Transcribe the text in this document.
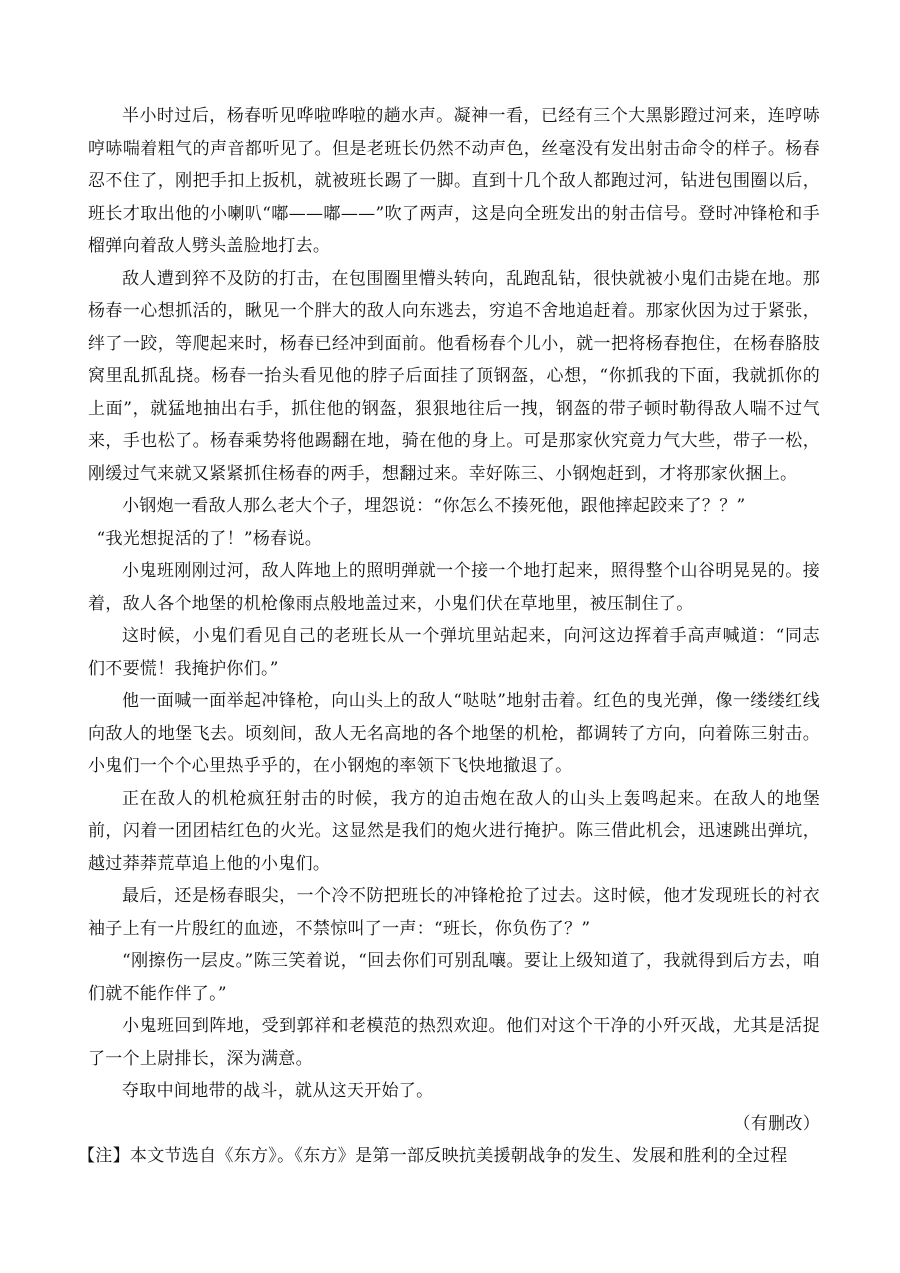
半小时过后，杨春听见哗啦哗啦的趟水声。凝神一看，已经有三个大黑影蹬过河来，连哼哧哼哧喘着粗气的声音都听见了。但是老班长仍然不动声色，丝毫没有发出射击命令的样子。杨春忍不住了，刚把手扣上扳机，就被班长踢了一脚。直到十几个敌人都跑过河，钻进包围圈以后，班长才取出他的小喇叭“嘟——嘟——”吹了两声，这是向全班发出的射击信号。登时冲锋枪和手榴弹向着敌人劈头盖脸地打去。

敌人遭到猝不及防的打击，在包围圈里懵头转向，乱跑乱钻，很快就被小鬼们击毙在地。那杨春一心想抓活的，瞅见一个胖大的敌人向东逃去，穷追不舍地追赶着。那家伙因为过于紧张，绊了一跤，等爬起来时，杨春已经冲到面前。他看杨春个儿小，就一把将杨春抱住，在杨春胳肢窝里乱抓乱挠。杨春一抬头看见他的脖子后面挂了顶钢盔，心想，“你抓我的下面，我就抓你的上面”，就猛地抽出右手，抓住他的钢盔，狠狠地往后一拽，钢盔的带子顿时勒得敌人喘不过气来，手也松了。杨春乘势将他踢翻在地，骑在他的身上。可是那家伙究竟力气大些，带子一松，刚缓过气来就又紧紧抓住杨春的两手，想翻过来。幸好陈三、小钢炮赶到，才将那家伙捆上。

小钢炮一看敌人那么老大个子，埋怨说：“你怎么不揍死他，跟他摔起跤来了？？”

“我光想捉活的了！”杨春说。

小鬼班刚刚过河，敌人阵地上的照明弹就一个接一个地打起来，照得整个山谷明晃晃的。接着，敌人各个地堡的机枪像雨点般地盖过来，小鬼们伏在草地里，被压制住了。

这时候，小鬼们看见自己的老班长从一个弹坑里站起来，向河这边挥着手高声喊道：“同志们不要慌！我掩护你们。”

他一面喊一面举起冲锋枪，向山头上的敌人“哒哒”地射击着。红色的曳光弹，像一缕缕红线向敌人的地堡飞去。顷刻间，敌人无名高地的各个地堡的机枪，都调转了方向，向着陈三射击。小鬼们一个个心里热乎乎的，在小钢炮的率领下飞快地撤退了。

正在敌人的机枪疯狂射击的时候，我方的迫击炮在敌人的山头上轰鸣起来。在敌人的地堡前，闪着一团团桔红色的火光。这显然是我们的炮火进行掩护。陈三借此机会，迅速跳出弹坑，越过莽莽荒草追上他的小鬼们。

最后，还是杨春眼尖，一个冷不防把班长的冲锋枪抢了过去。这时候，他才发现班长的衬衣袖子上有一片殷红的血迹，不禁惊叫了一声：“班长，你负伤了？”

“刚擦伤一层皮。”陈三笑着说，“回去你们可别乱嚷。要让上级知道了，我就得到后方去，咱们就不能作伴了。”

小鬼班回到阵地，受到郭祥和老模范的热烈欢迎。他们对这个干净的小歼灭战，尤其是活捉了一个上尉排长，深为满意。

夺取中间地带的战斗，就从这天开始了。

（有删改）

【注】本文节选自《东方》。《东方》是第一部反映抗美援朝战争的发生、发展和胜利的全过程
